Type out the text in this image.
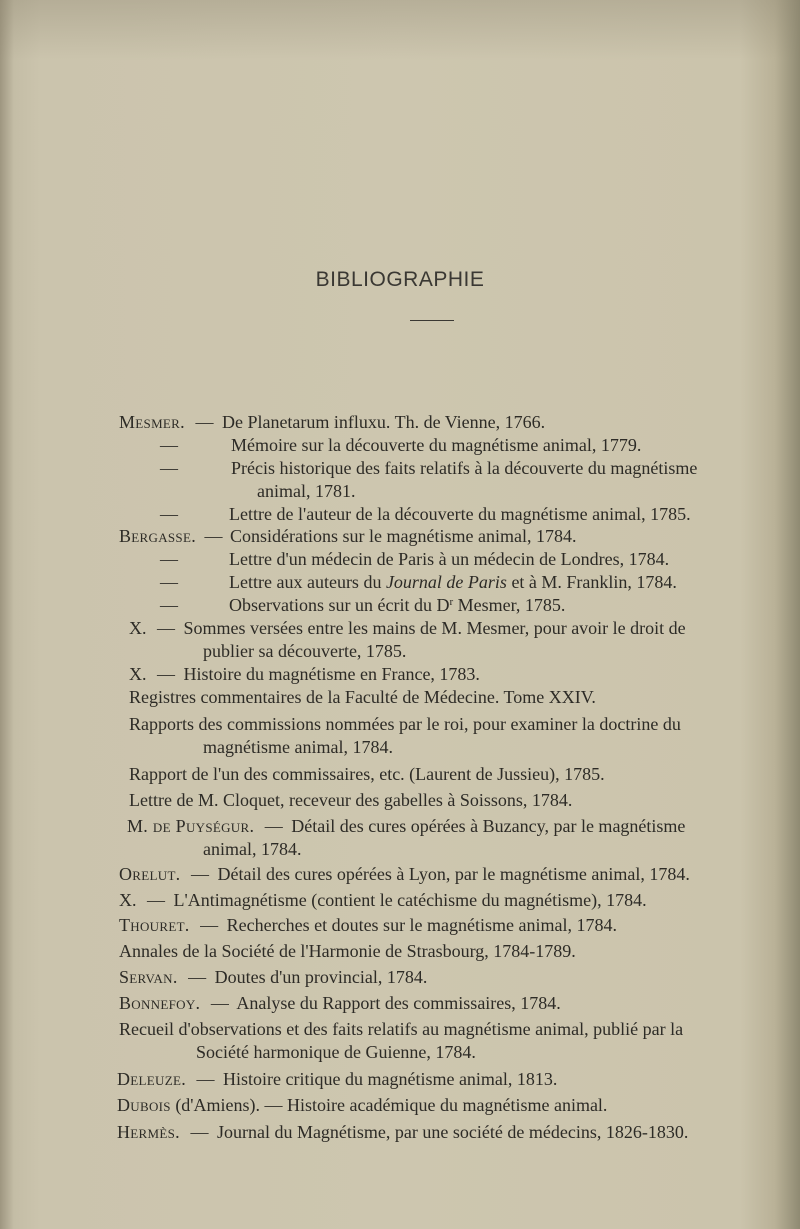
BIBLIOGRAPHIE
Mesmer. — De Planetarum influxu. Th. de Vienne, 1766.
—	Mémoire sur la découverte du magnétisme animal, 1779.
—	Précis historique des faits relatifs à la découverte du magnétisme
animal, 1781.
—	Lettre de l'auteur de la découverte du magnétisme animal, 1785.
Bergasse. — Considérations sur le magnétisme animal, 1784.
—	Lettre d'un médecin de Paris à un médecin de Londres, 1784.
—	Lettre aux auteurs du Journal de Paris et à M. Franklin, 1784.
—	Observations sur un écrit du $D^r$ Mesmer, 1785.
X. — Sommes versées entre les mains de M. Mesmer, pour avoir le droit de
publier sa découverte, 1785.
X. — Histoire du magnétisme en France, 1783.
Registres commentaires de la Faculté de Médecine. Tome XXIV.
Rapports des commissions nommées par le roi, pour examiner la doctrine du
magnétisme animal, 1784.
Rapport de l'un des commissaires, etc. (Laurent de Jussieu), 1785.
Lettre de M. Cloquet, receveur des gabelles à Soissons, 1784.
M. de Puységur. — Détail des cures opérées à Buzancy, par le magnétisme
animal, 1784.
Orelut. — Détail des cures opérées à Lyon, par le magnétisme animal, 1784.
X. — L'Antimagnétisme (contient le catéchisme du magnétisme), 1784.
Thouret. — Recherches et doutes sur le magnétisme animal, 1784.
Annales de la Société de l'Harmonie de Strasbourg, 1784-1789.
Servan. — Doutes d'un provincial, 1784.
Bonnefoy. — Analyse du Rapport des commissaires, 1784.
Recueil d'observations et des faits relatifs au magnétisme animal, publié par la
Société harmonique de Guienne, 1784.
Deleuze. — Histoire critique du magnétisme animal, 1813.
Dubois (d'Amiens). — Histoire académique du magnétisme animal.
Hermès. — Journal du Magnétisme, par une société de médecins, 1826-1830.
